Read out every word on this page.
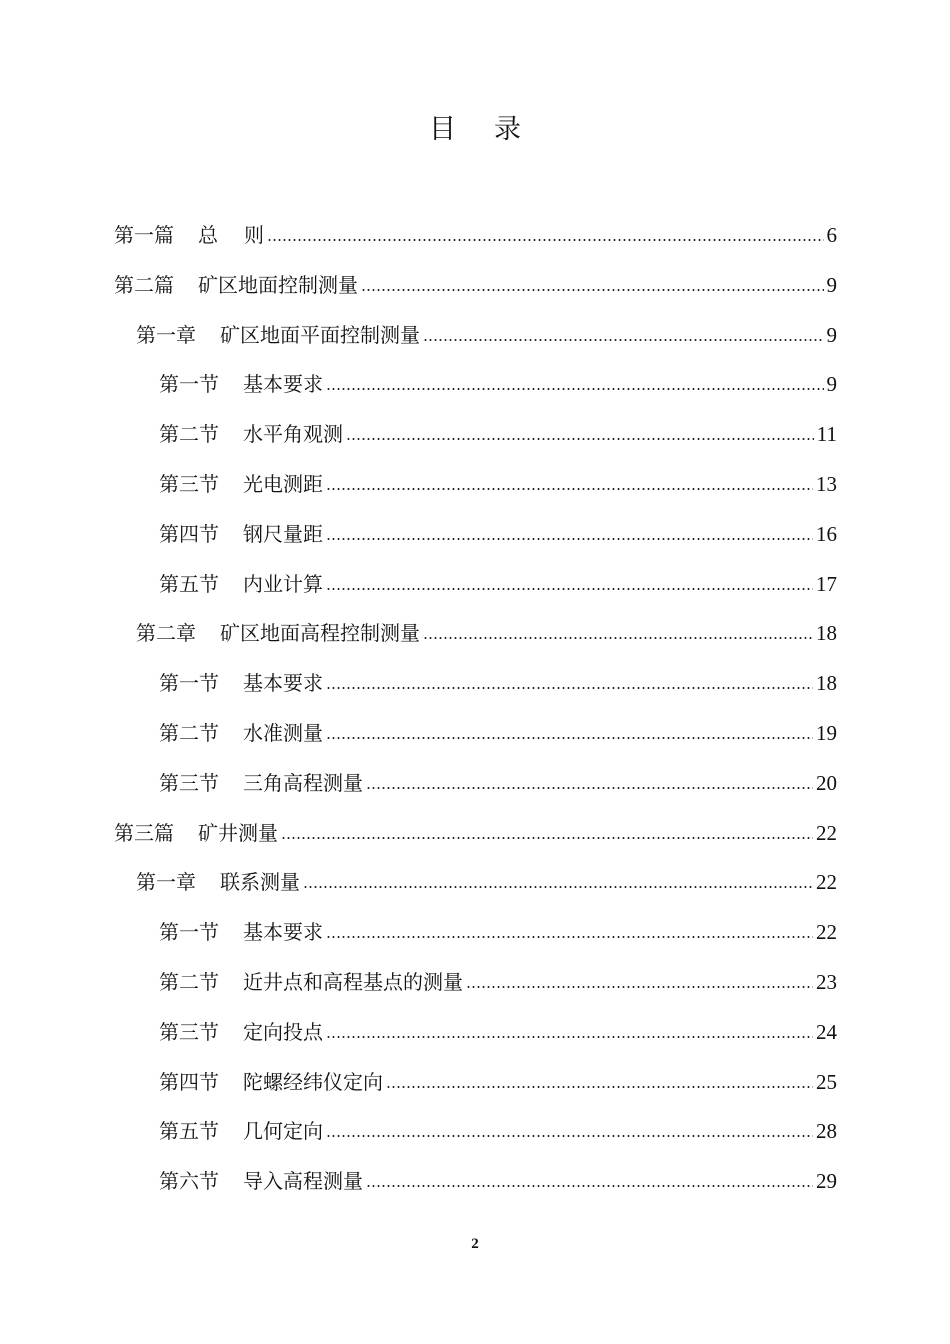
目 录
第一篇 总 则	6
第二篇 矿区地面控制测量	9
第一章 矿区地面平面控制测量	9
第一节 基本要求	9
第二节 水平角观测	11
第三节 光电测距	13
第四节 钢尺量距	16
第五节 内业计算	17
第二章 矿区地面高程控制测量	18
第一节 基本要求	18
第二节 水准测量	19
第三节 三角高程测量	20
第三篇 矿井测量	22
第一章 联系测量	22
第一节 基本要求	22
第二节 近井点和高程基点的测量	23
第三节 定向投点	24
第四节 陀螺经纬仪定向	25
第五节 几何定向	28
第六节 导入高程测量	29
2
